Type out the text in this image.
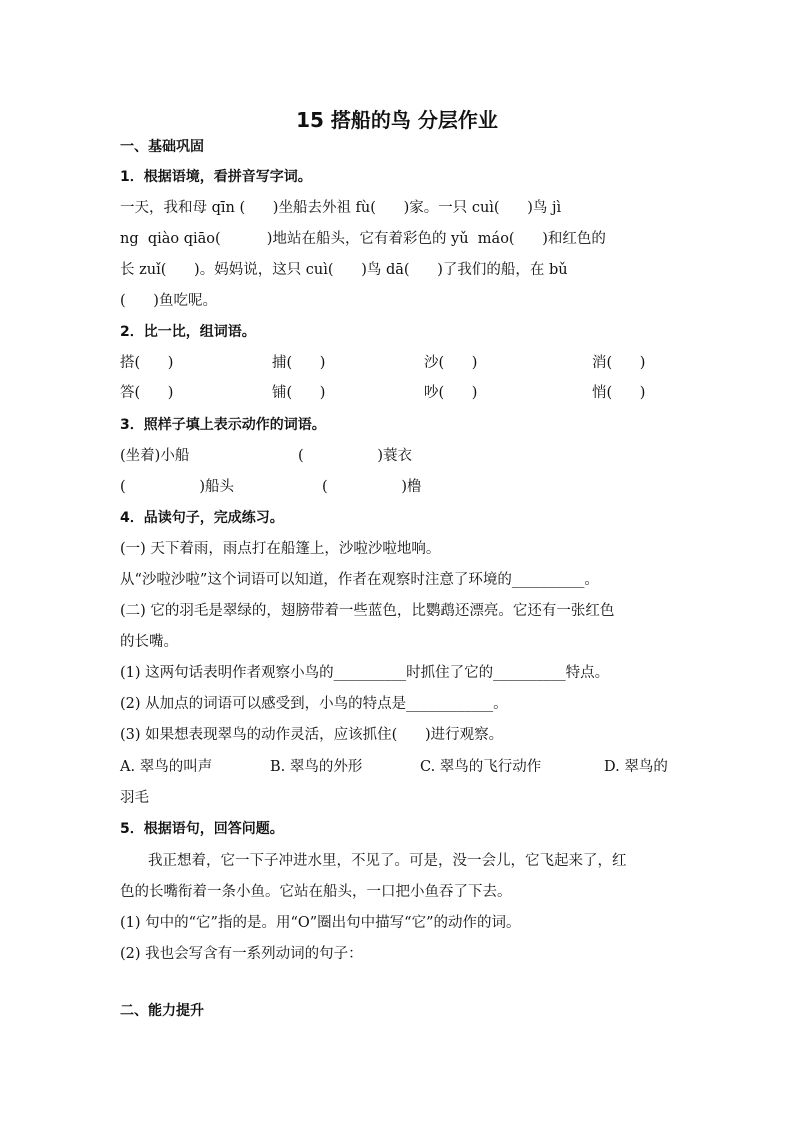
15 搭船的鸟 分层作业
一、基础巩固
1．根据语境，看拼音写字词。
一天，我和母 qīn (      )坐船去外祖 fù(      )家。一只 cuì(      )鸟 jì
ng  qiào qiāo(          )地站在船头，它有着彩色的 yǔ  máo(      )和红色的
长 zuǐ(      )。妈妈说，这只 cuì(      )鸟 dā(      )了我们的船，在 bǔ
(      )鱼吃呢。
2．比一比，组词语。
搭(      )	捕(      )	沙(      )	消(      )
答(      )	铺(      )	吵(      )	悄(      )
3．照样子填上表示动作的词语。
(坐着)小船	(                )蓑衣
(                )船头	(                )橹
4．品读句子，完成练习。
(一) 天下着雨，雨点打在船篷上，沙啦沙啦地响。
从“沙啦沙啦”这个词语可以知道，作者在观察时注意了环境的__________。
(二) 它的羽毛是翠绿的，翅膀带着一些蓝色，比鹦鹉还漂亮。它还有一张红色
的长嘴。
(1) 这两句话表明作者观察小鸟的__________时抓住了它的__________特点。
(2) 从加点的词语可以感受到，小鸟的特点是____________。
(3) 如果想表现翠鸟的动作灵活，应该抓住(      )进行观察。
A. 翠鸟的叫声	B. 翠鸟的外形	C. 翠鸟的飞行动作	D. 翠鸟的
羽毛
5．根据语句，回答问题。
我正想着，它一下子冲进水里，不见了。可是，没一会儿，它飞起来了，红
色的长嘴衔着一条小鱼。它站在船头，一口把小鱼吞了下去。
(1) 句中的“它”指的是。用“O”圈出句中描写“它”的动作的词。
(2) 我也会写含有一系列动词的句子：
二、能力提升
